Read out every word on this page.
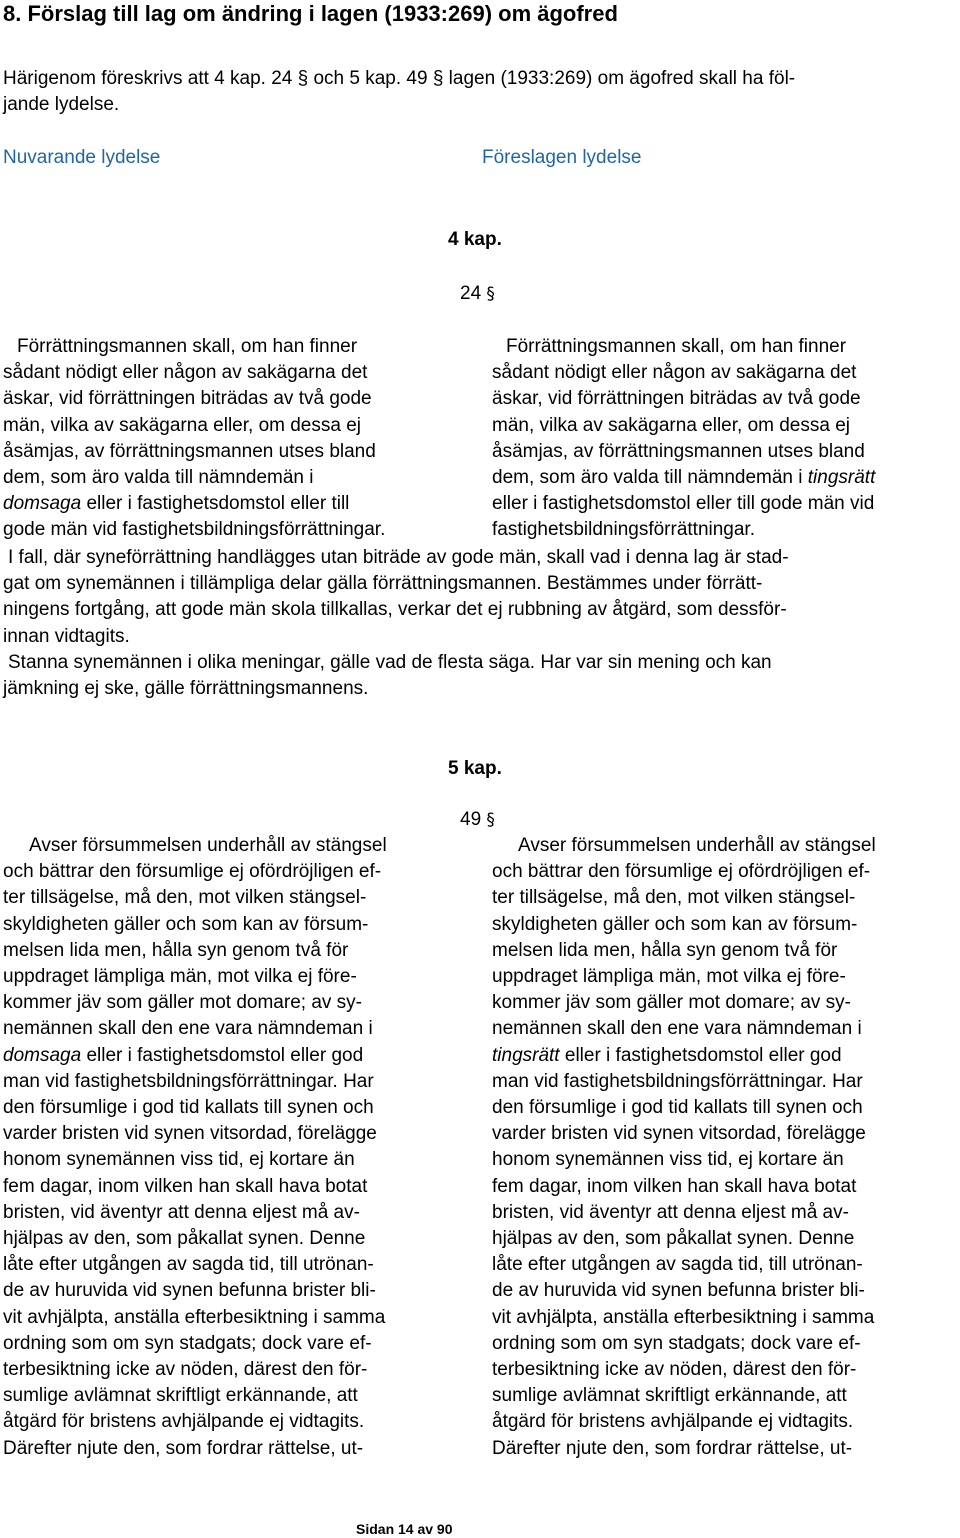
8. Förslag till lag om ändring i lagen (1933:269) om ägofred
Härigenom föreskrivs att 4 kap. 24 § och 5 kap. 49 § lagen (1933:269) om ägofred skall ha föl-
jande lydelse.
Nuvarande lydelse	Föreslagen lydelse
4 kap.
24 §
Förrättningsmannen skall, om han finner
sådant nödigt eller någon av sakägarna det
äskar, vid förrättningen biträdas av två gode
män, vilka av sakägarna eller, om dessa ej
åsämjas, av förrättningsmannen utses bland
dem, som äro valda till nämndemän i
domsaga eller i fastighetsdomstol eller till
gode män vid fastighetsbildningsförrättningar.
Förrättningsmannen skall, om han finner
sådant nödigt eller någon av sakägarna det
äskar, vid förrättningen biträdas av två gode
män, vilka av sakägarna eller, om dessa ej
åsämjas, av förrättningsmannen utses bland
dem, som äro valda till nämndemän i tingsrätt
eller i fastighetsdomstol eller till gode män vid
fastighetsbildningsförrättningar.
I fall, där syneförrättning handlägges utan biträde av gode män, skall vad i denna lag är stad-
gat om synemännen i tillämpliga delar gälla förrättningsmannen. Bestämmes under förrätt-
ningens fortgång, att gode män skola tillkallas, verkar det ej rubbning av åtgärd, som dessför-
innan vidtagits.
Stanna synemännen i olika meningar, gälle vad de flesta säga. Har var sin mening och kan
jämkning ej ske, gälle förrättningsmannens.
5 kap.
49 §
Avser försummelsen underhåll av stängsel
och bättrar den försumlige ej ofördröjligen ef-
ter tillsägelse, må den, mot vilken stängsel-
skyldigheten gäller och som kan av försum-
melsen lida men, hålla syn genom två för
uppdraget lämpliga män, mot vilka ej före-
kommer jäv som gäller mot domare; av sy-
nemännen skall den ene vara nämndeman i
domsaga eller i fastighetsdomstol eller god
man vid fastighetsbildningsförrättningar. Har
den försumlige i god tid kallats till synen och
varder bristen vid synen vitsordad, förelägge
honom synemännen viss tid, ej kortare än
fem dagar, inom vilken han skall hava botat
bristen, vid äventyr att denna eljest må av-
hjälpas av den, som påkallat synen. Denne
låte efter utgången av sagda tid, till utrönan-
de av huruvida vid synen befunna brister bli-
vit avhjälpta, anställa efterbesiktning i samma
ordning som om syn stadgats; dock vare ef-
terbesiktning icke av nöden, därest den för-
sumlige avlämnat skriftligt erkännande, att
åtgärd för bristens avhjälpande ej vidtagits.
Därefter njute den, som fordrar rättelse, ut-
Avser försummelsen underhåll av stängsel
och bättrar den försumlige ej ofördröjligen ef-
ter tillsägelse, må den, mot vilken stängsel-
skyldigheten gäller och som kan av försum-
melsen lida men, hålla syn genom två för
uppdraget lämpliga män, mot vilka ej före-
kommer jäv som gäller mot domare; av sy-
nemännen skall den ene vara nämndeman i
tingsrätt eller i fastighetsdomstol eller god
man vid fastighetsbildningsförrättningar. Har
den försumlige i god tid kallats till synen och
varder bristen vid synen vitsordad, förelägge
honom synemännen viss tid, ej kortare än
fem dagar, inom vilken han skall hava botat
bristen, vid äventyr att denna eljest må av-
hjälpas av den, som påkallat synen. Denne
låte efter utgången av sagda tid, till utrönan-
de av huruvida vid synen befunna brister bli-
vit avhjälpta, anställa efterbesiktning i samma
ordning som om syn stadgats; dock vare ef-
terbesiktning icke av nöden, därest den för-
sumlige avlämnat skriftligt erkännande, att
åtgärd för bristens avhjälpande ej vidtagits.
Därefter njute den, som fordrar rättelse, ut-
Sidan 14 av 90
